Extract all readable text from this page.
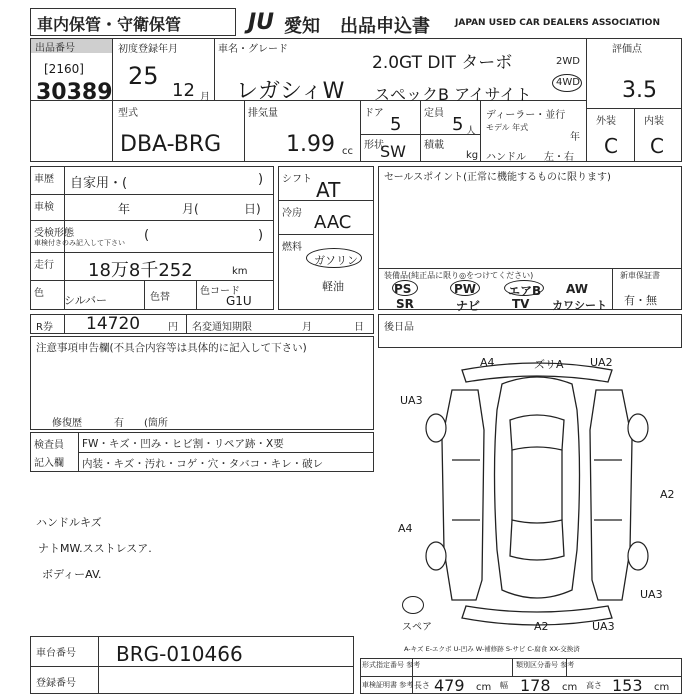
車内保管・守衛保管	JU 愛知 出品申込書	JAPAN USED CAR DEALERS ASSOCIATION
出品番号
[2160]
30389
初度登録年月
25
12 月
車名・グレード
2.0GT DIT ターボ
レガシィW スペックB アイサイト
2WD
4WD
評価点
3.5
外装	内装
C C
型式
DBA-BRG
排気量
1.99 cc
ドア
5
定員
5 人
形状
SW 積載
kg
ディーラー・並行
モデル 年式
年
ハンドル 左・右
車歴 自家用・(	)
車検	年	月(	日)
受検形態
車検付きのみ記入して下さい (	)
走行 18万8千252	km
色
シルバー	色替
色コード
G1U
シフト AT
冷房 AAC
燃料
ガソリン
軽油
セールスポイント(正常に機能するものに限ります)
装備品(純正品に限り◎をつけてください)	新車保証書
有・無
PS	PW	エアB AW
SR	ナビ	TV カワシート
R券 14720	円 名変通知期限	月	日 後日品
注意事項申告欄(不具合内容等は具体的に記入して下さい)
修復歴	有 (箇所
検査員
記入欄
FW・キズ・凹み・ヒビ割・リペア跡・X要
内装・キズ・汚れ・コゲ・穴・タバコ・キレ・破レ
ハンドルキズ
ナトMW.スストレスア.
ボディーAV.
A4	ズリA UA2
UA3
A2
A4
UA3
A2
UA3
スペア
A-キズ E-エクボ U-凹み W-補修跡 S-サビ C-腐食 XX-交換済
車台番号 BRG-010466
登録番号
形式指定番号 参考	類別区分番号 参考
車検証明書 参考 長さ 479 cm 幅 178 cm 高さ 153 cm
